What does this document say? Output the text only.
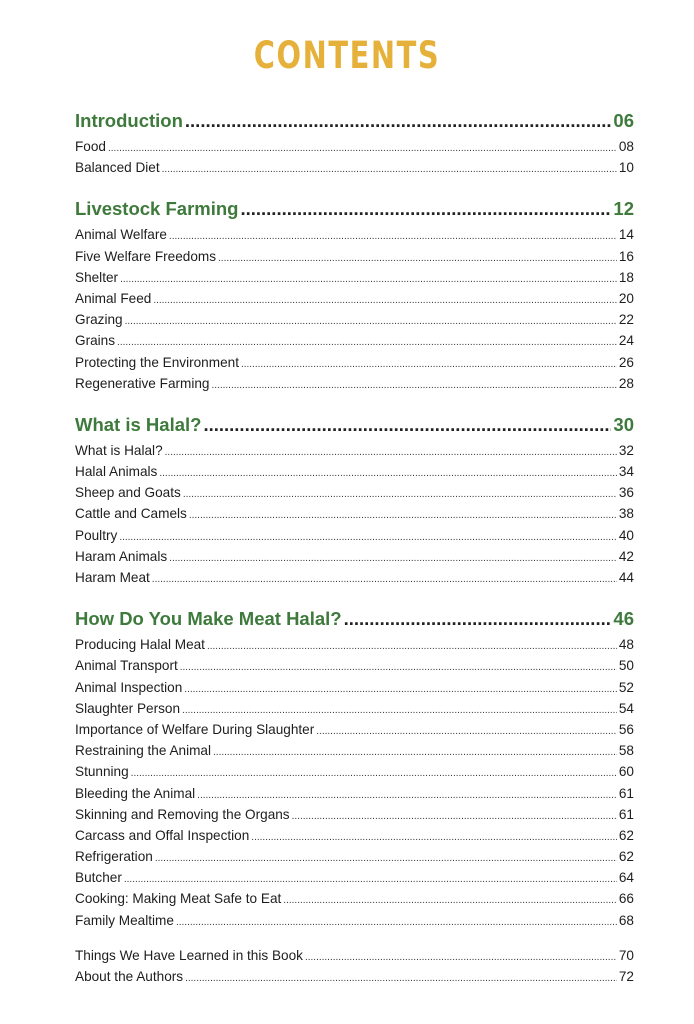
CONTENTS
Introduction .....	06
Food .....	08
Balanced Diet .....	10
Livestock Farming .....	12
Animal Welfare .....	14
Five Welfare Freedoms .....	16
Shelter .....	18
Animal Feed .....	20
Grazing .....	22
Grains .....	24
Protecting the Environment .....	26
Regenerative Farming .....	28
What is Halal? .....	30
What is Halal? .....	32
Halal Animals .....	34
Sheep and Goats .....	36
Cattle and Camels .....	38
Poultry .....	40
Haram Animals .....	42
Haram Meat .....	44
How Do You Make Meat Halal? .....	46
Producing Halal Meat .....	48
Animal Transport .....	50
Animal Inspection .....	52
Slaughter Person .....	54
Importance of Welfare During Slaughter .....	56
Restraining the Animal .....	58
Stunning .....	60
Bleeding the Animal .....	61
Skinning and Removing the Organs .....	61
Carcass and Offal Inspection .....	62
Refrigeration .....	62
Butcher .....	64
Cooking: Making Meat Safe to Eat .....	66
Family Mealtime .....	68
Things We Have Learned in this Book .....	70
About the Authors .....	72
